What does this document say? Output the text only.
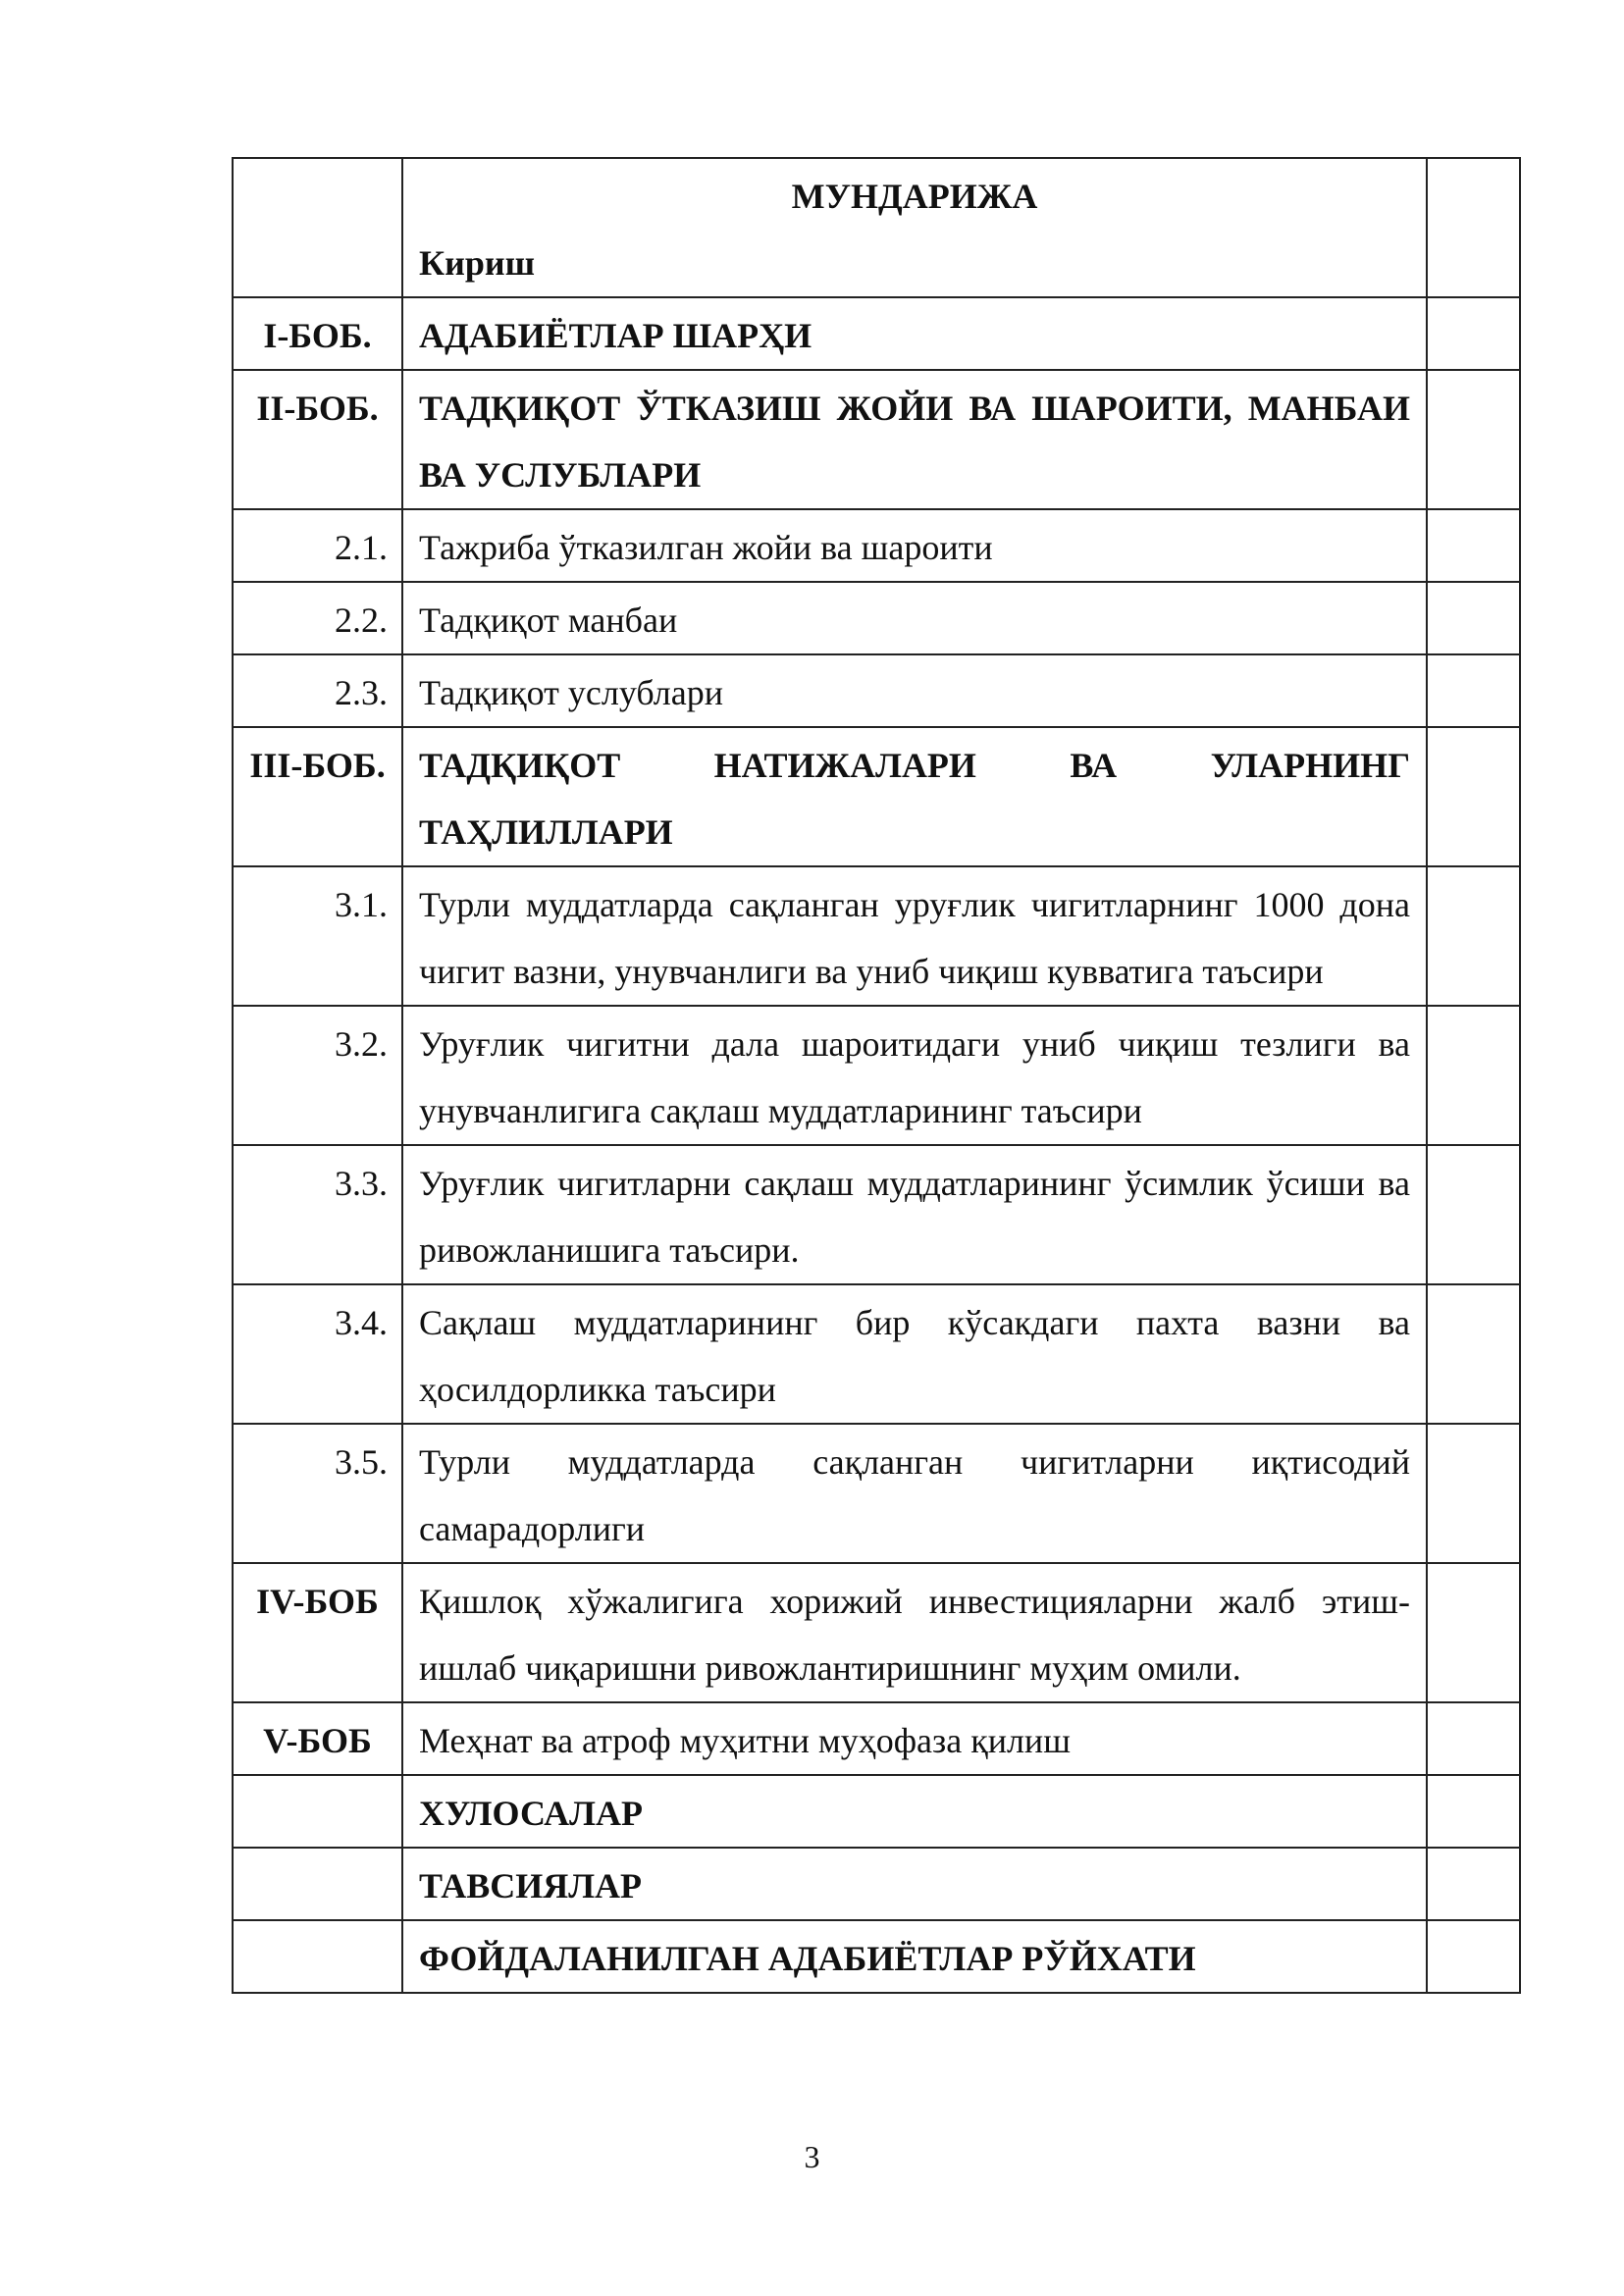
	МУНДАРИЖА
Кириш	

I-БОБ.	АДАБИЁТЛАР ШАРҲИ	
II-БОБ.	ТАДҚИҚОТ ЎТКАЗИШ ЖОЙИ ВА ШАРОИТИ, МАНБАИ ВА УСЛУБЛАРИ	
2.1.	Тажриба ўтказилган жойи ва шароити	
2.2.	Тадқиқот манбаи	
2.3.	Тадқиқот услублари	
III-БОБ.	ТАДҚИҚОТ НАТИЖАЛАРИ ВА УЛАРНИНГ ТАҲЛИЛЛАРИ	
3.1.	Турли муддатларда сақланган уруғлик чигитларнинг 1000 дона чигит вазни, унувчанлиги ва униб чиқиш кувватига таъсири	
3.2.	Уруғлик чигитни дала шароитидаги униб чиқиш тезлиги ва унувчанлигига сақлаш муддатларининг таъсири	
3.3.	Уруғлик чигитларни сақлаш муддатларининг ўсимлик ўсиши ва ривожланишига таъсири.	
3.4.	Сақлаш муддатларининг бир кўсакдаги пахта вазни ва ҳосилдорликка таъсири	
3.5.	Турли муддатларда сақланган чигитларни иқтисодий самарадорлиги	
IV-БОБ	Қишлоқ хўжалигига хорижий инвестицияларни жалб этиш-ишлаб чиқаришни ривожлантиришнинг муҳим омили.	
V-БОБ	Меҳнат ва атроф муҳитни муҳофаза қилиш	
	ХУЛОСАЛАР	
	ТАВСИЯЛАР	
	ФОЙДАЛАНИЛГАН АДАБИЁТЛАР РЎЙХАТИ	
3
